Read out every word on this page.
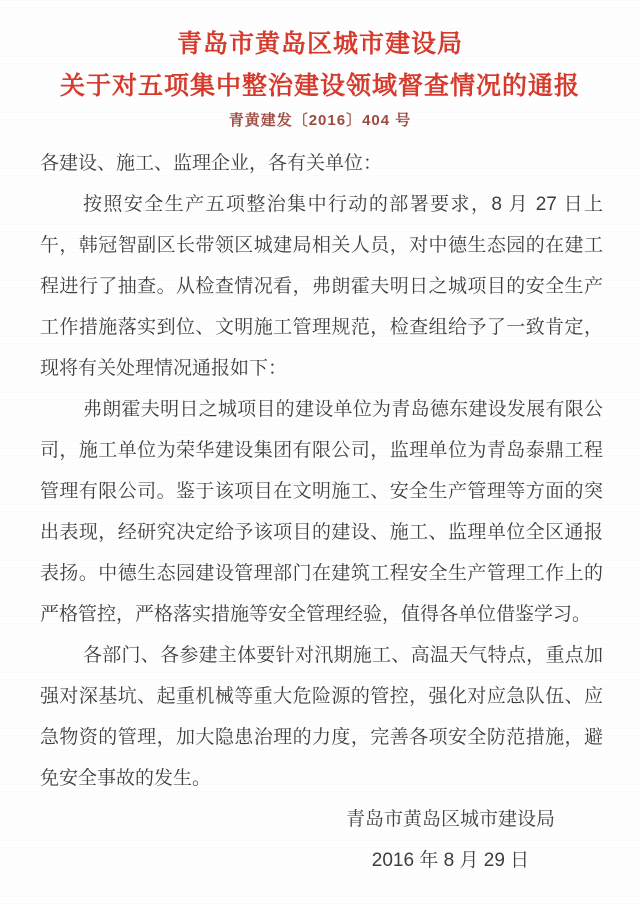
青岛市黄岛区城市建设局
关于对五项集中整治建设领域督查情况的通报
青黄建发〔2016〕404 号
各建设、施工、监理企业，各有关单位：
按照安全生产五项整治集中行动的部署要求，8 月 27 日上午，韩冠智副区长带领区城建局相关人员，对中德生态园的在建工程进行了抽查。从检查情况看，弗朗霍夫明日之城项目的安全生产工作措施落实到位、文明施工管理规范，检查组给予了一致肯定，现将有关处理情况通报如下：
弗朗霍夫明日之城项目的建设单位为青岛德东建设发展有限公司，施工单位为荣华建设集团有限公司，监理单位为青岛泰鼎工程管理有限公司。鉴于该项目在文明施工、安全生产管理等方面的突出表现，经研究决定给予该项目的建设、施工、监理单位全区通报表扬。中德生态园建设管理部门在建筑工程安全生产管理工作上的严格管控，严格落实措施等安全管理经验，值得各单位借鉴学习。
各部门、各参建主体要针对汛期施工、高温天气特点，重点加强对深基坑、起重机械等重大危险源的管控，强化对应急队伍、应急物资的管理，加大隐患治理的力度，完善各项安全防范措施，避免安全事故的发生。
青岛市黄岛区城市建设局
2016 年 8 月 29 日
